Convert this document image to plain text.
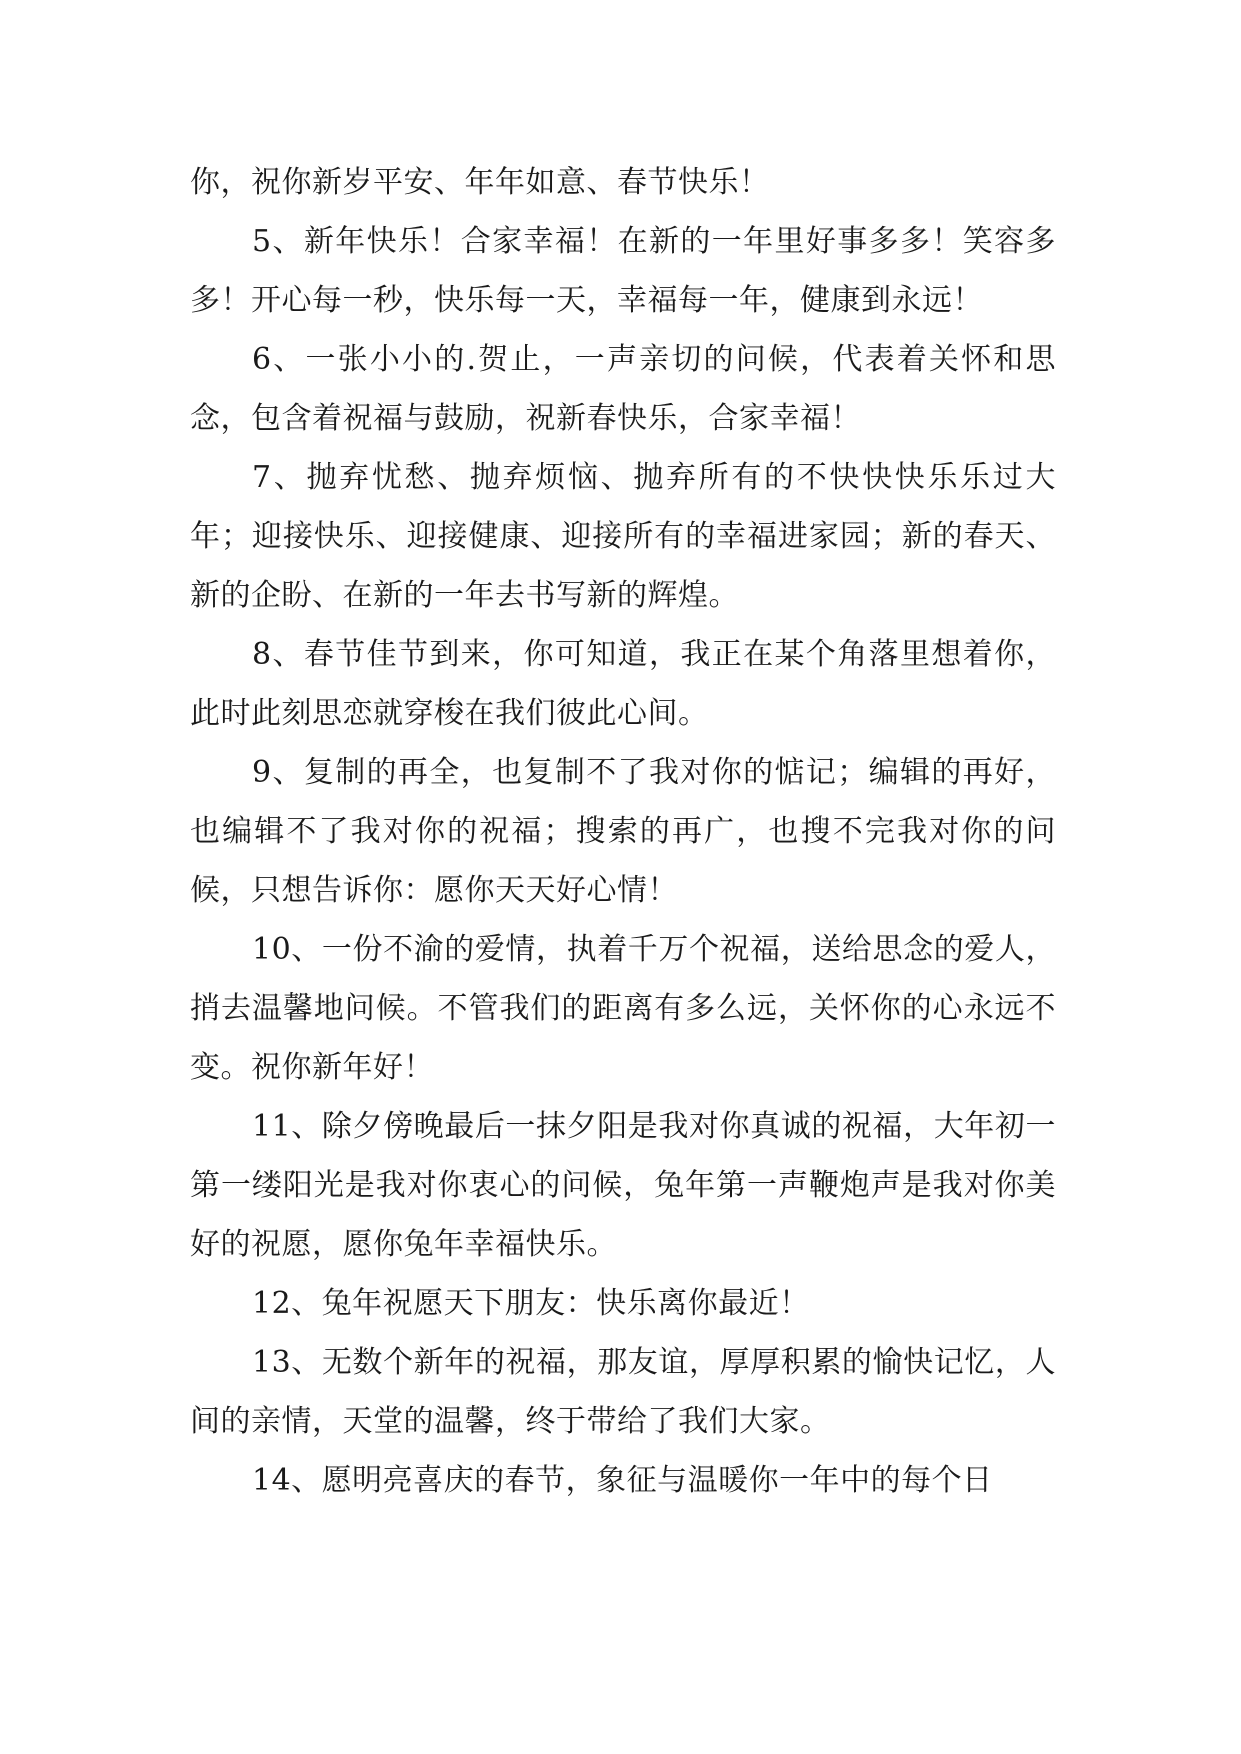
你，祝你新岁平安、年年如意、春节快乐！

5、新年快乐！合家幸福！在新的一年里好事多多！笑容多多！开心每一秒，快乐每一天，幸福每一年，健康到永远！

6、一张小小的.贺止，一声亲切的问候，代表着关怀和思念，包含着祝福与鼓励，祝新春快乐，合家幸福！

7、抛弃忧愁、抛弃烦恼、抛弃所有的不快快快乐乐过大年；迎接快乐、迎接健康、迎接所有的幸福进家园；新的春天、新的企盼、在新的一年去书写新的辉煌。

8、春节佳节到来，你可知道，我正在某个角落里想着你，此时此刻思恋就穿梭在我们彼此心间。

9、复制的再全，也复制不了我对你的惦记；编辑的再好，也编辑不了我对你的祝福；搜索的再广，也搜不完我对你的问候，只想告诉你：愿你天天好心情！

10、一份不渝的爱情，执着千万个祝福，送给思念的爱人，捎去温馨地问候。不管我们的距离有多么远，关怀你的心永远不变。祝你新年好！

11、除夕傍晚最后一抹夕阳是我对你真诚的祝福，大年初一第一缕阳光是我对你衷心的问候，兔年第一声鞭炮声是我对你美好的祝愿，愿你兔年幸福快乐。

12、兔年祝愿天下朋友：快乐离你最近！

13、无数个新年的祝福，那友谊，厚厚积累的愉快记忆，人间的亲情，天堂的温馨，终于带给了我们大家。

14、愿明亮喜庆的春节，象征与温暖你一年中的每个日
